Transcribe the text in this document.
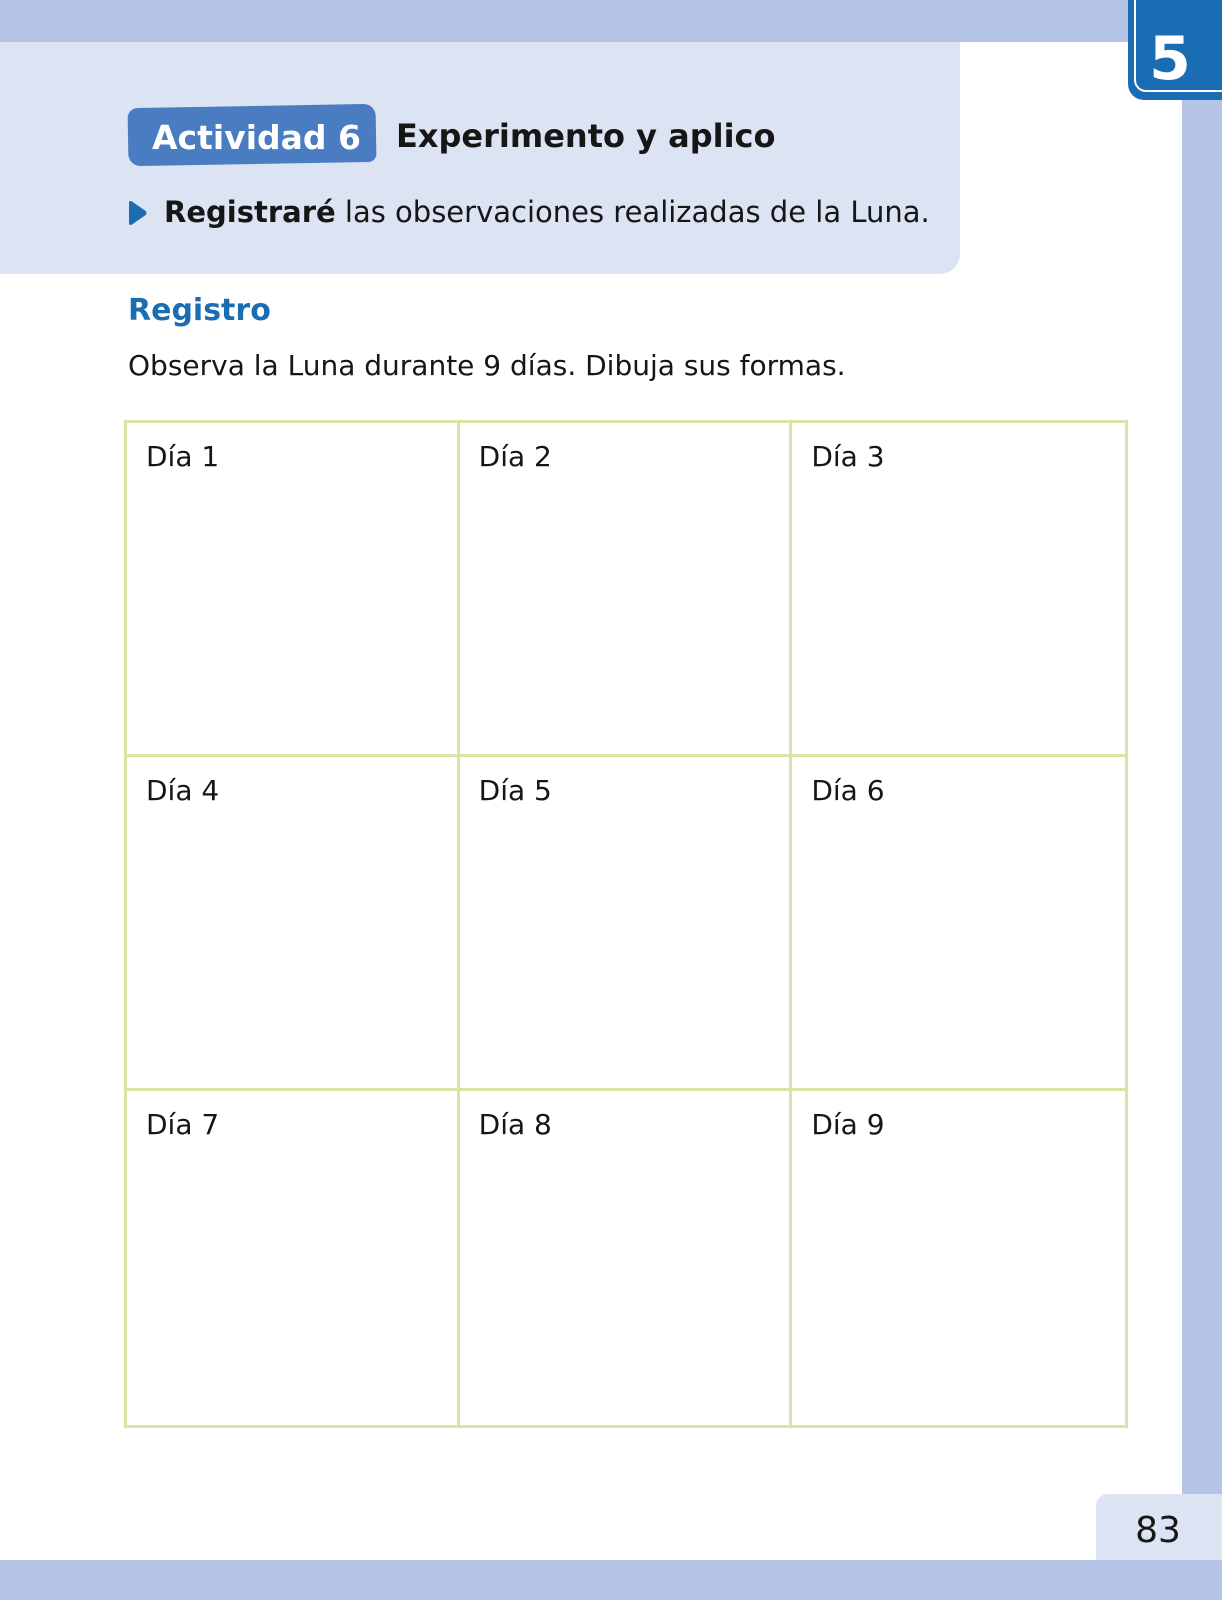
5
Actividad 6 Experimento y aplico
Registraré las observaciones realizadas de la Luna.
Registro
Observa la Luna durante 9 días. Dibuja sus formas.
Día 1	Día 2	Día 3
Día 4	Día 5	Día 6
Día 7	Día 8	Día 9
83
